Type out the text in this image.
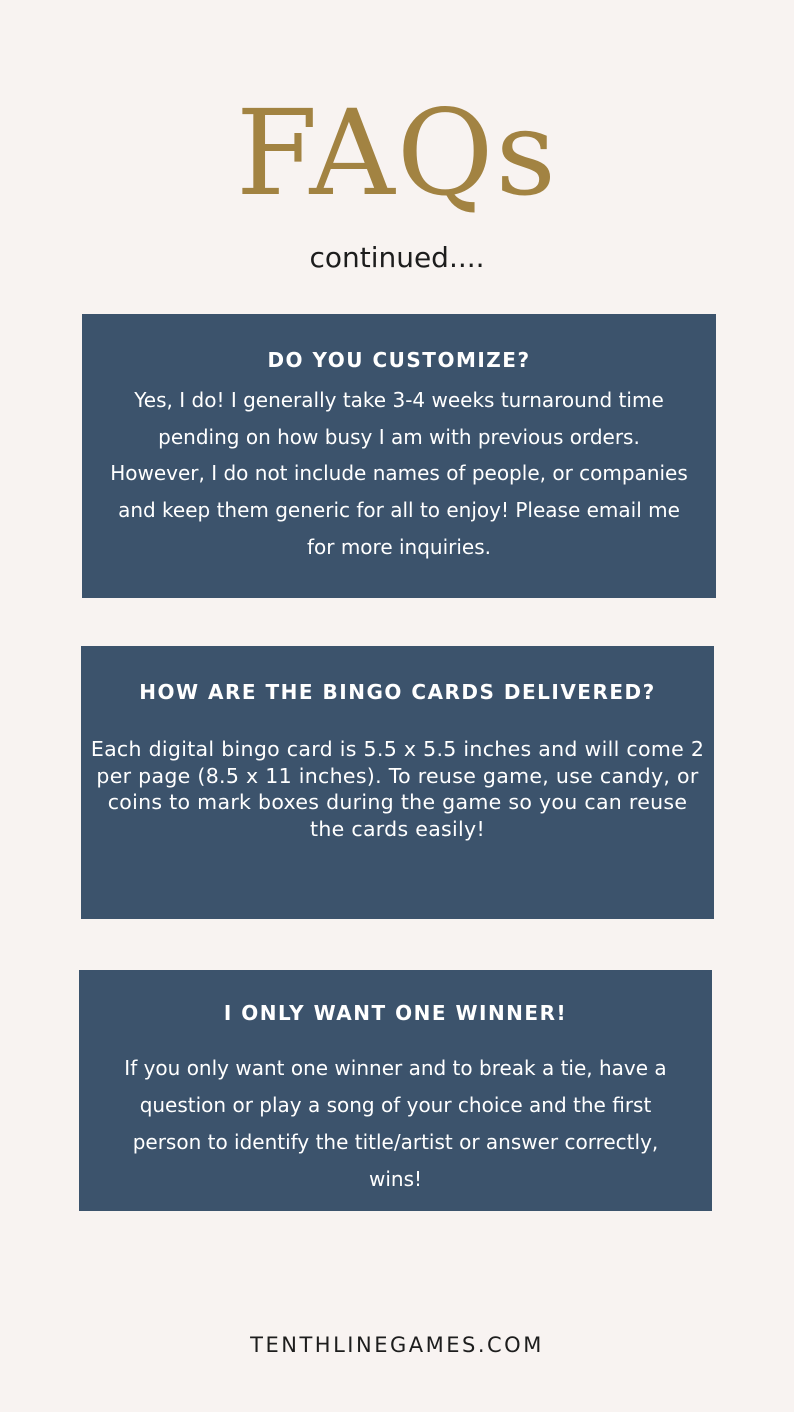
FAQs
continued....
DO YOU CUSTOMIZE?

Yes, I do! I generally take 3-4 weeks turnaround time pending on how busy I am with previous orders. However, I do not include names of people, or companies and keep them generic for all to enjoy! Please email me for more inquiries.

HOW ARE THE BINGO CARDS DELIVERED?

Each digital bingo card is 5.5 x 5.5 inches and will come 2 per page (8.5 x 11 inches). To reuse game, use candy, or coins to mark boxes during the game so you can reuse the cards easily!

I ONLY WANT ONE WINNER!

If you only want one winner and to break a tie, have a question or play a song of your choice and the first person to identify the title/artist or answer correctly, wins!

TENTHLINEGAMES.COM
